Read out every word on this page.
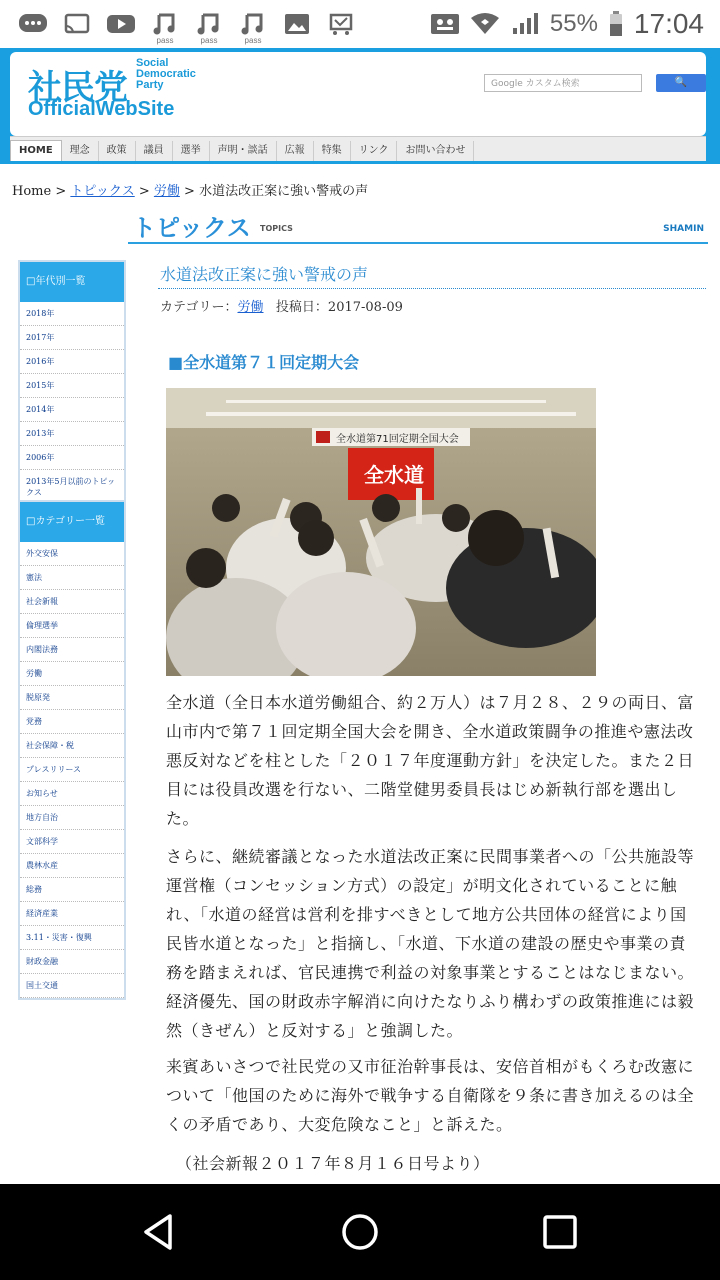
pass	pass	pass
55% 17:04
社民党
Social
Democratic
Party
OfficialWebSite
Google カスタム検索	🔍
HOME	理念	政策	議員	選挙	声明・談話	広報	特集	リンク	お問い合わせ
Home > トピックス > 労働 > 水道法改正案に強い警戒の声
トピックス TOPICS	SHAMIN
□年代別一覧
2018年
2017年
2016年
2015年
2014年
2013年
2006年
2013年5月以前のトピックス
□カテゴリー一覧
外交安保
憲法
社会新報
倫理選挙
内閣法務
労働
脱原発
党務
社会保障・税
プレスリリース
お知らせ
地方自治
文部科学
農林水産
総務
経済産業
3.11・災害・復興
財政金融
国土交通
水道法改正案に強い警戒の声
カテゴリー：労働 投稿日：2017-08-09
■全水道第７１回定期大会
全水道第71回定期全国大会
全水道
全水道（全日本水道労働組合、約２万人）は７月２８、２９の両日、富山市内で第７１回定期全国大会を開き、全水道政策闘争の推進や憲法改悪反対などを柱とした「２０１７年度運動方針」を決定した。また２日目には役員改選を行ない、二階堂健男委員長はじめ新執行部を選出した。
さらに、継続審議となった水道法改正案に民間事業者への「公共施設等運営権（コンセッション方式）の設定」が明文化されていることに触れ、「水道の経営は営利を排すべきとして地方公共団体の経営により国民皆水道となった」と指摘し、「水道、下水道の建設の歴史や事業の責務を踏まえれば、官民連携で利益の対象事業とすることはなじまない。経済優先、国の財政赤字解消に向けたなりふり構わずの政策推進には毅然（きぜん）と反対する」と強調した。
来賓あいさつで社民党の又市征治幹事長は、安倍首相がもくろむ改憲について「他国のために海外で戦争する自衛隊を９条に書き加えるのは全くの矛盾であり、大変危険なこと」と訴えた。
（社会新報２０１７年８月１６日号より）
